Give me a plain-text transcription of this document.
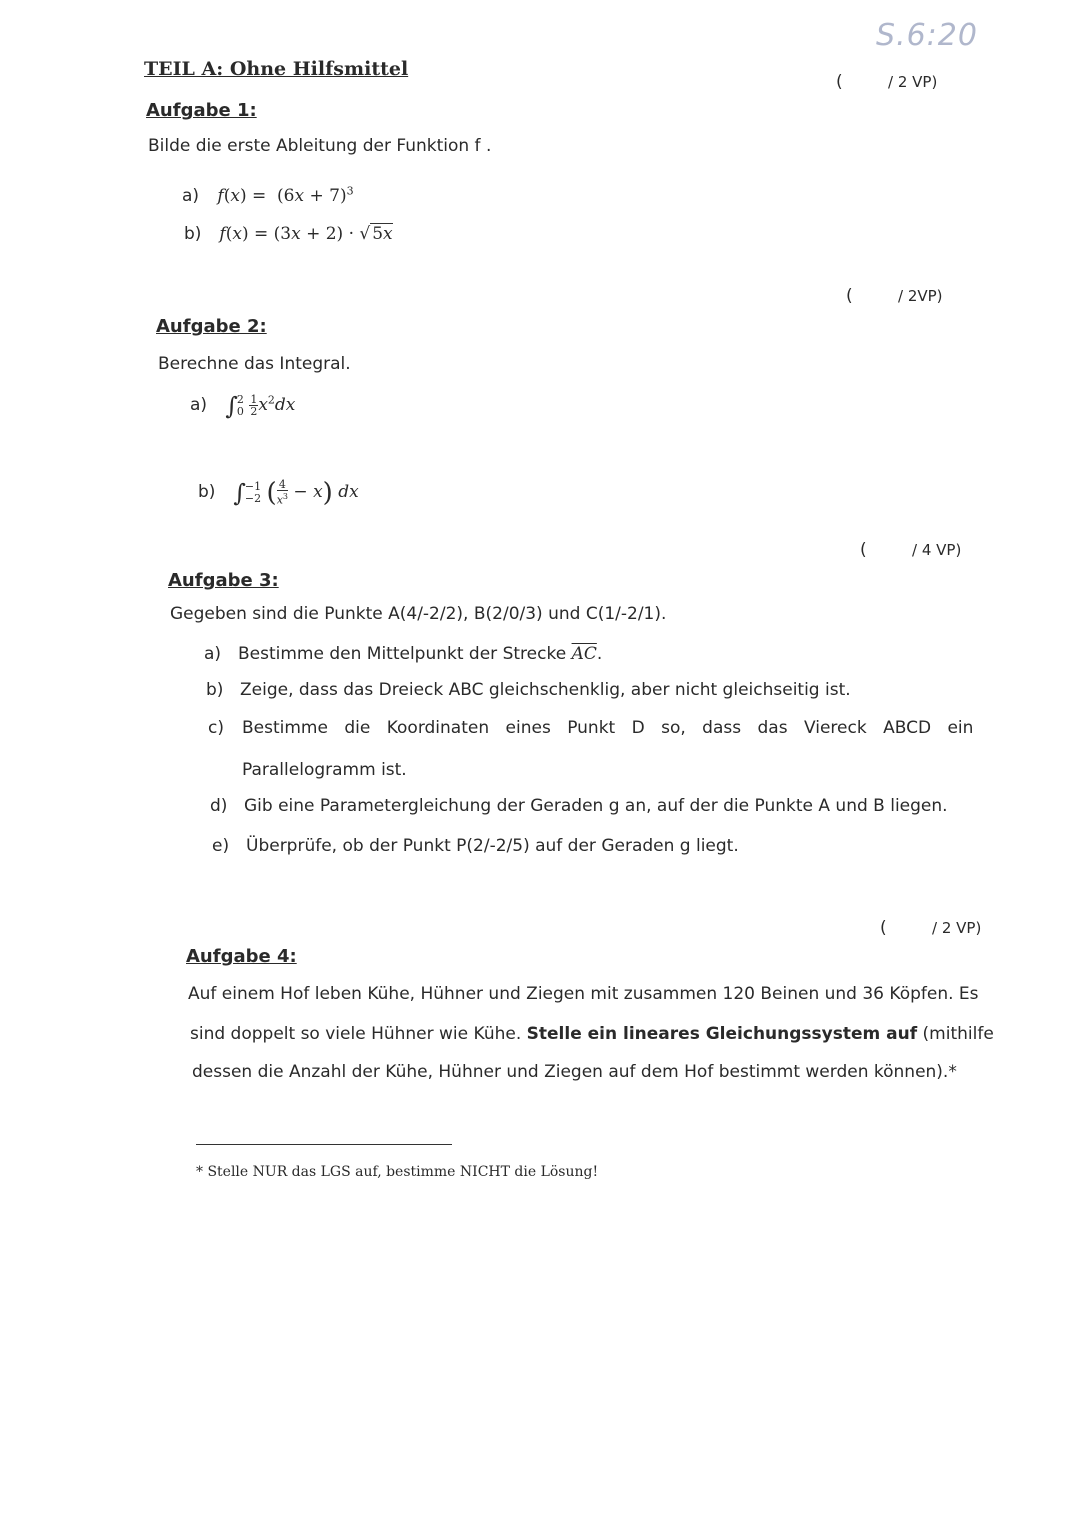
S.6:20
TEIL A: Ohne Hilfsmittel
(	/ 2 VP)
Aufgabe 1:
Bilde die erste Ableitung der Funktion f .
a) $f(x) = (6x + 7)^3$
b) f(x) = (3x + 2) · √ 5x
(	/ 2VP)
Aufgabe 2:
Berechne das Integral.
a) ∫ 2
0
$\frac{1}{2} x^2dx$
b) ∫ −1
−2 ( $\frac{4}{x^3} - x$) dx
(	/ 4 VP)
Aufgabe 3:
Gegeben sind die Punkte A(4/-2/2), B(2/0/3) und C(1/-2/1).
a) Bestimme den Mittelpunkt der Strecke $\overline{AC}$.
b) Zeige, dass das Dreieck ABC gleichschenklig, aber nicht gleichseitig ist.
c) Bestimme die Koordinaten eines Punkt D so, dass das Viereck ABCD ein
Parallelogramm ist.
d) Gib eine Parametergleichung der Geraden g an, auf der die Punkte A und B liegen.
e) Überprüfe, ob der Punkt P(2/-2/5) auf der Geraden g liegt.
(	/ 2 VP)
Aufgabe 4:
Auf einem Hof leben Kühe, Hühner und Ziegen mit zusammen 120 Beinen und 36 Köpfen. Es
sind doppelt so viele Hühner wie Kühe. Stelle ein lineares Gleichungssystem auf (mithilfe
dessen die Anzahl der Kühe, Hühner und Ziegen auf dem Hof bestimmt werden können).*
* Stelle NUR das LGS auf, bestimme NICHT die Lösung!
